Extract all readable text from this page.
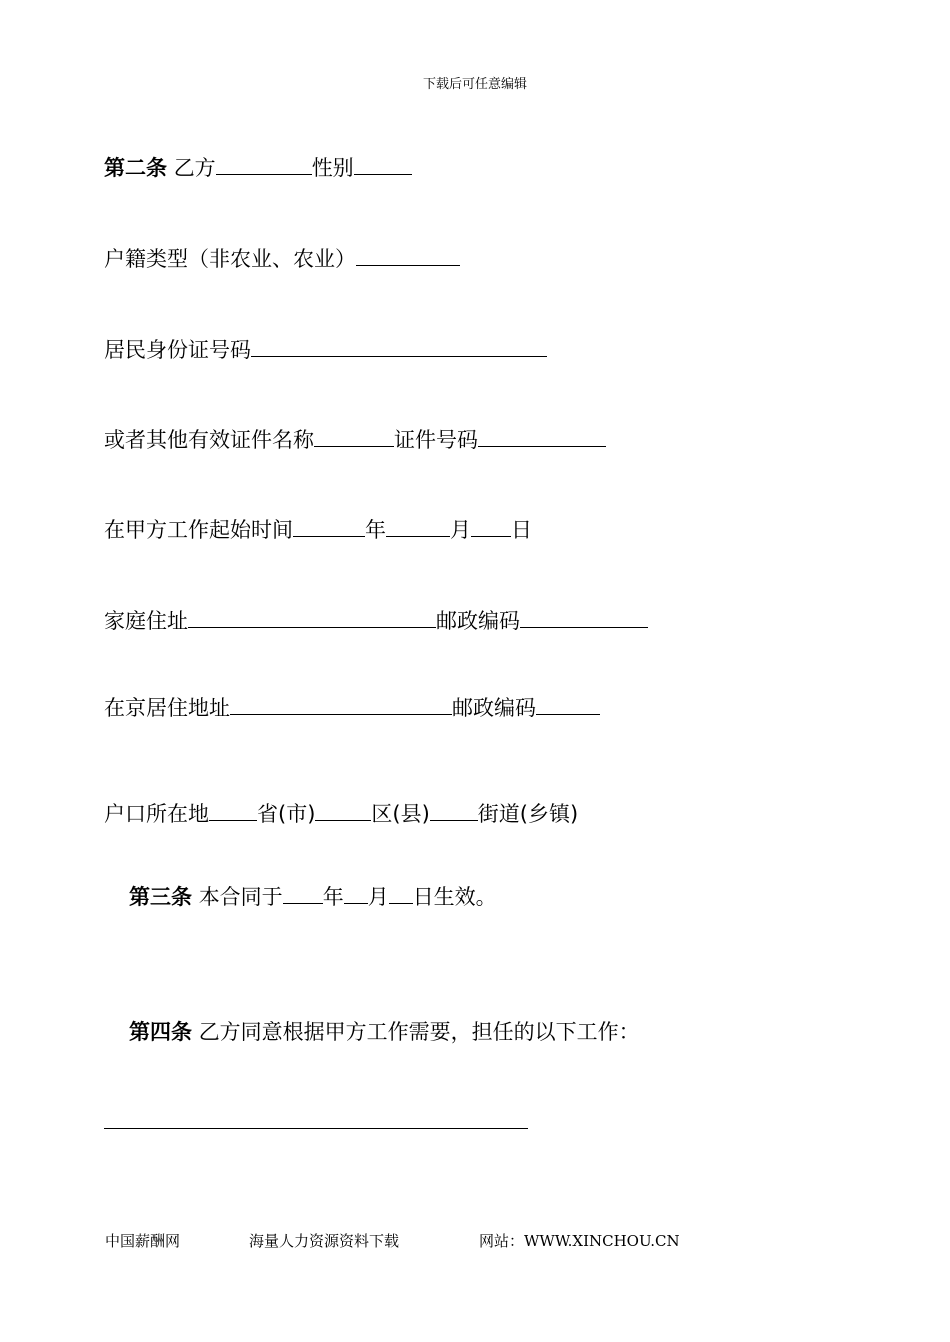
下载后可任意编辑
第二条 乙方	性别
户籍类型（非农业、农业）
居民身份证号码
或者其他有效证件名称	证件号码
在甲方工作起始时间	年	月 日
家庭住址	邮政编码
在京居住地址	邮政编码
户口所在地 省(市)	区(县) 街道(乡镇)
第三条 本合同于 年 月 日生效。
第四条 乙方同意根据甲方工作需要，担任的以下工作：
中国薪酬网	海量人力资源资料下载	网站：WWW.XINCHOU.CN
